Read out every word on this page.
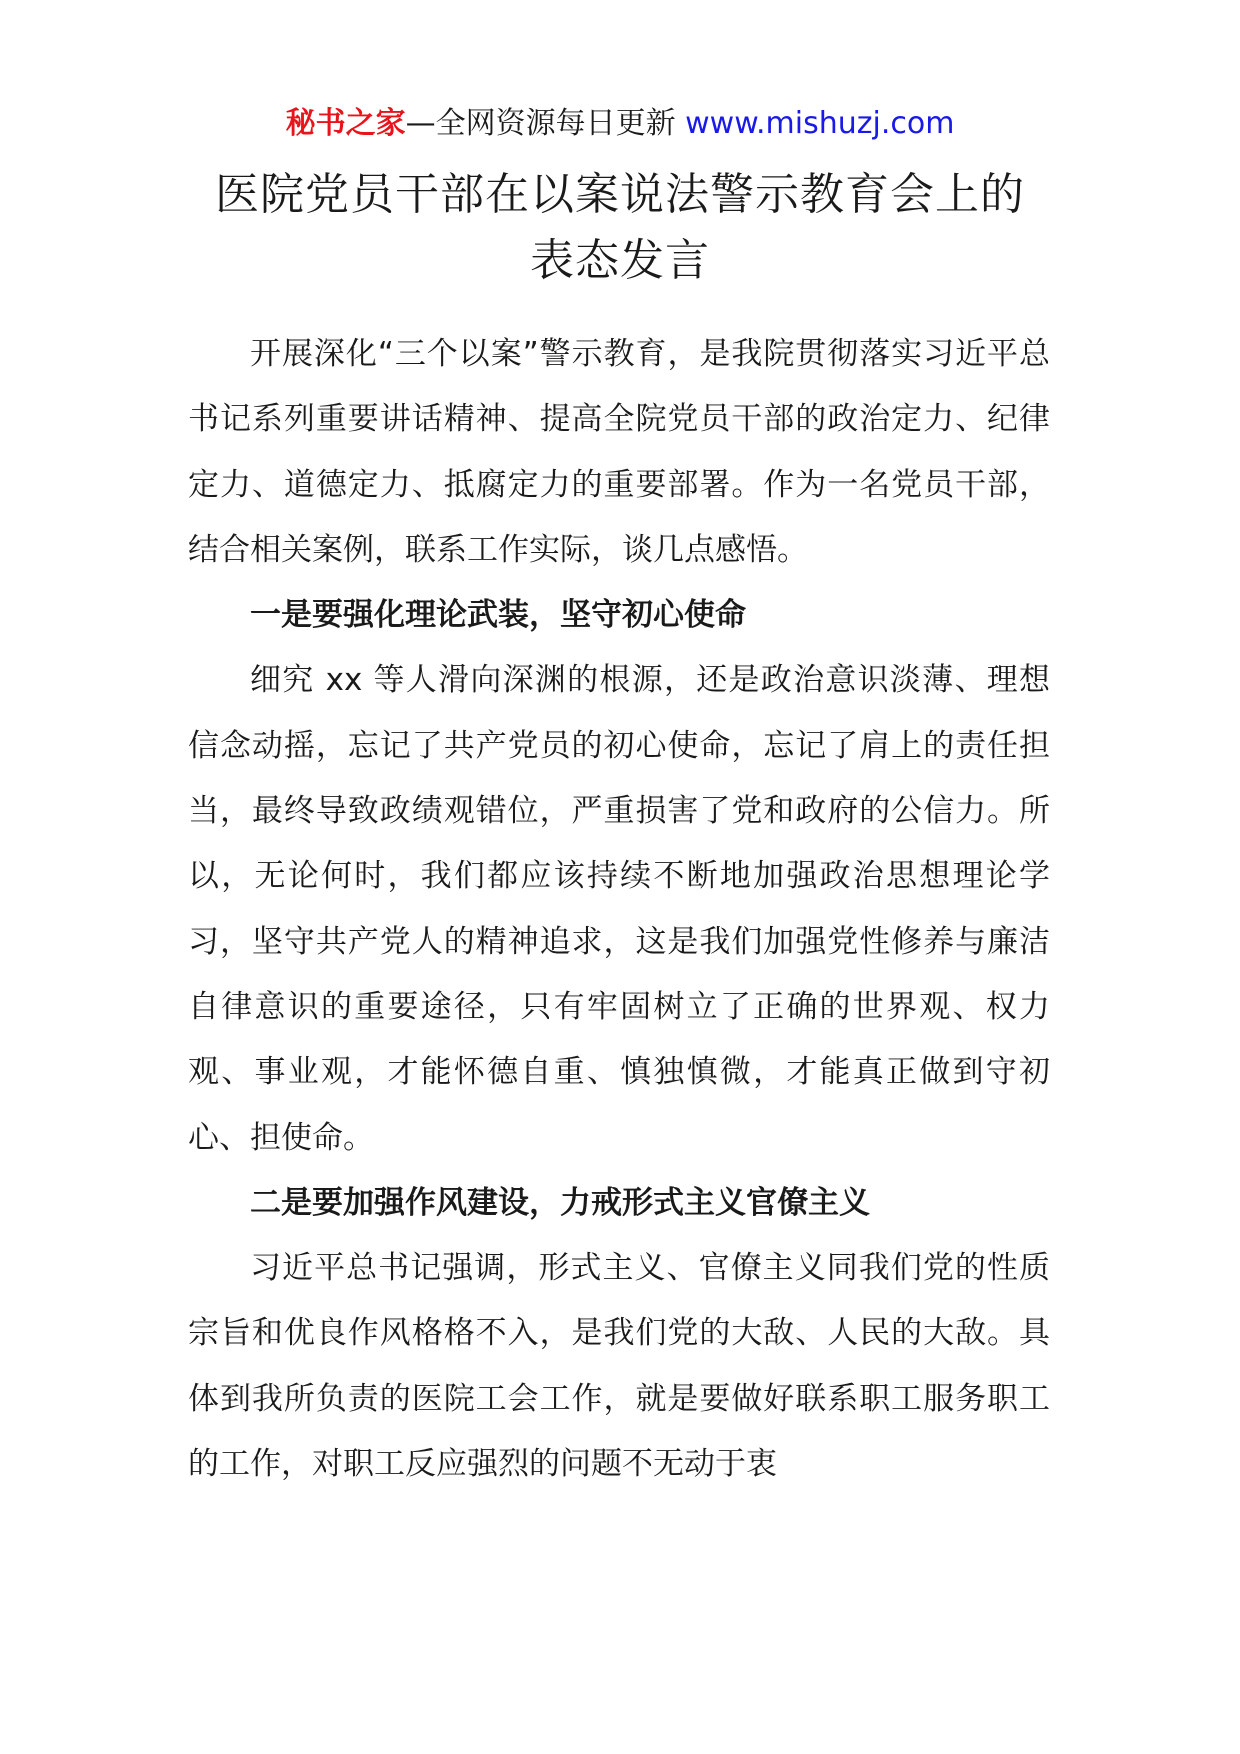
秘书之家—全网资源每日更新 www.mishuzj.com
医院党员干部在以案说法警示教育会上的
表态发言

开展深化“三个以案”警示教育，是我院贯彻落实习近平总书记系列重要讲话精神、提高全院党员干部的政治定力、纪律定力、道德定力、抵腐定力的重要部署。作为一名党员干部，结合相关案例，联系工作实际，谈几点感悟。

一是要强化理论武装，坚守初心使命

细究 xx 等人滑向深渊的根源，还是政治意识淡薄、理想信念动摇，忘记了共产党员的初心使命，忘记了肩上的责任担当，最终导致政绩观错位，严重损害了党和政府的公信力。所以，无论何时，我们都应该持续不断地加强政治思想理论学习，坚守共产党人的精神追求，这是我们加强党性修养与廉洁自律意识的重要途径，只有牢固树立了正确的世界观、权力观、事业观，才能怀德自重、慎独慎微，才能真正做到守初心、担使命。

二是要加强作风建设，力戒形式主义官僚主义

习近平总书记强调，形式主义、官僚主义同我们党的性质宗旨和优良作风格格不入，是我们党的大敌、人民的大敌。具体到我所负责的医院工会工作，就是要做好联系职工服务职工的工作，对职工反应强烈的问题不无动于衷
